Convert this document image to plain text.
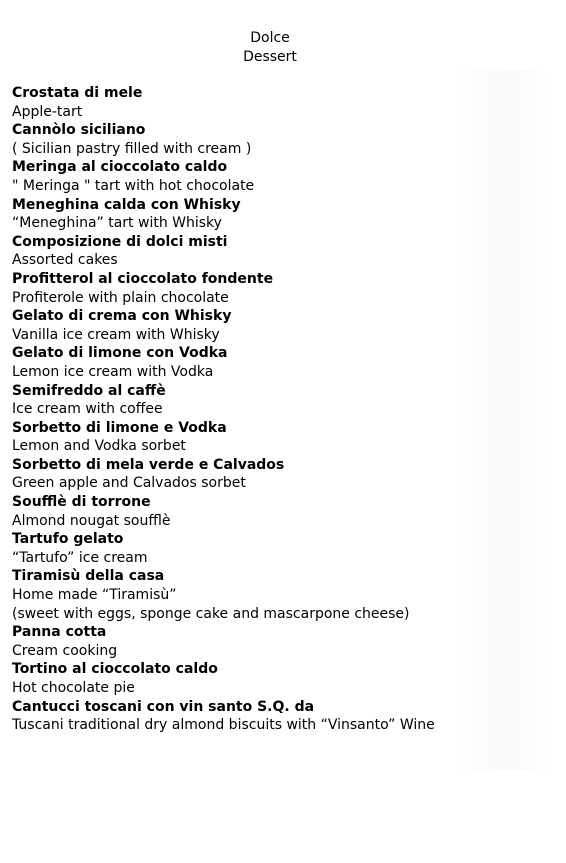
Dolce
Dessert
Crostata di mele
Apple-tart
Cannòlo siciliano
( Sicilian pastry filled with cream )
Meringa al cioccolato caldo
" Meringa " tart with hot chocolate
Meneghina calda con Whisky
“Meneghina” tart with Whisky
Composizione di dolci misti
Assorted cakes
Profitterol al cioccolato fondente
Profiterole with plain chocolate
Gelato di crema con Whisky
Vanilla ice cream with Whisky
Gelato di limone con Vodka
Lemon ice cream with Vodka
Semifreddo al caffè
Ice cream with coffee
Sorbetto di limone e Vodka
Lemon and Vodka sorbet
Sorbetto di mela verde e Calvados
Green apple and Calvados sorbet
Soufflè di torrone
Almond nougat soufflè
Tartufo gelato
“Tartufo” ice cream
Tiramisù della casa
Home made “Tiramisù”
(sweet with eggs, sponge cake and mascarpone cheese)
Panna cotta
Cream cooking
Tortino al cioccolato caldo
Hot chocolate pie
Cantucci toscani con vin santo S.Q. da
Tuscani traditional dry almond biscuits with “Vinsanto” Wine
